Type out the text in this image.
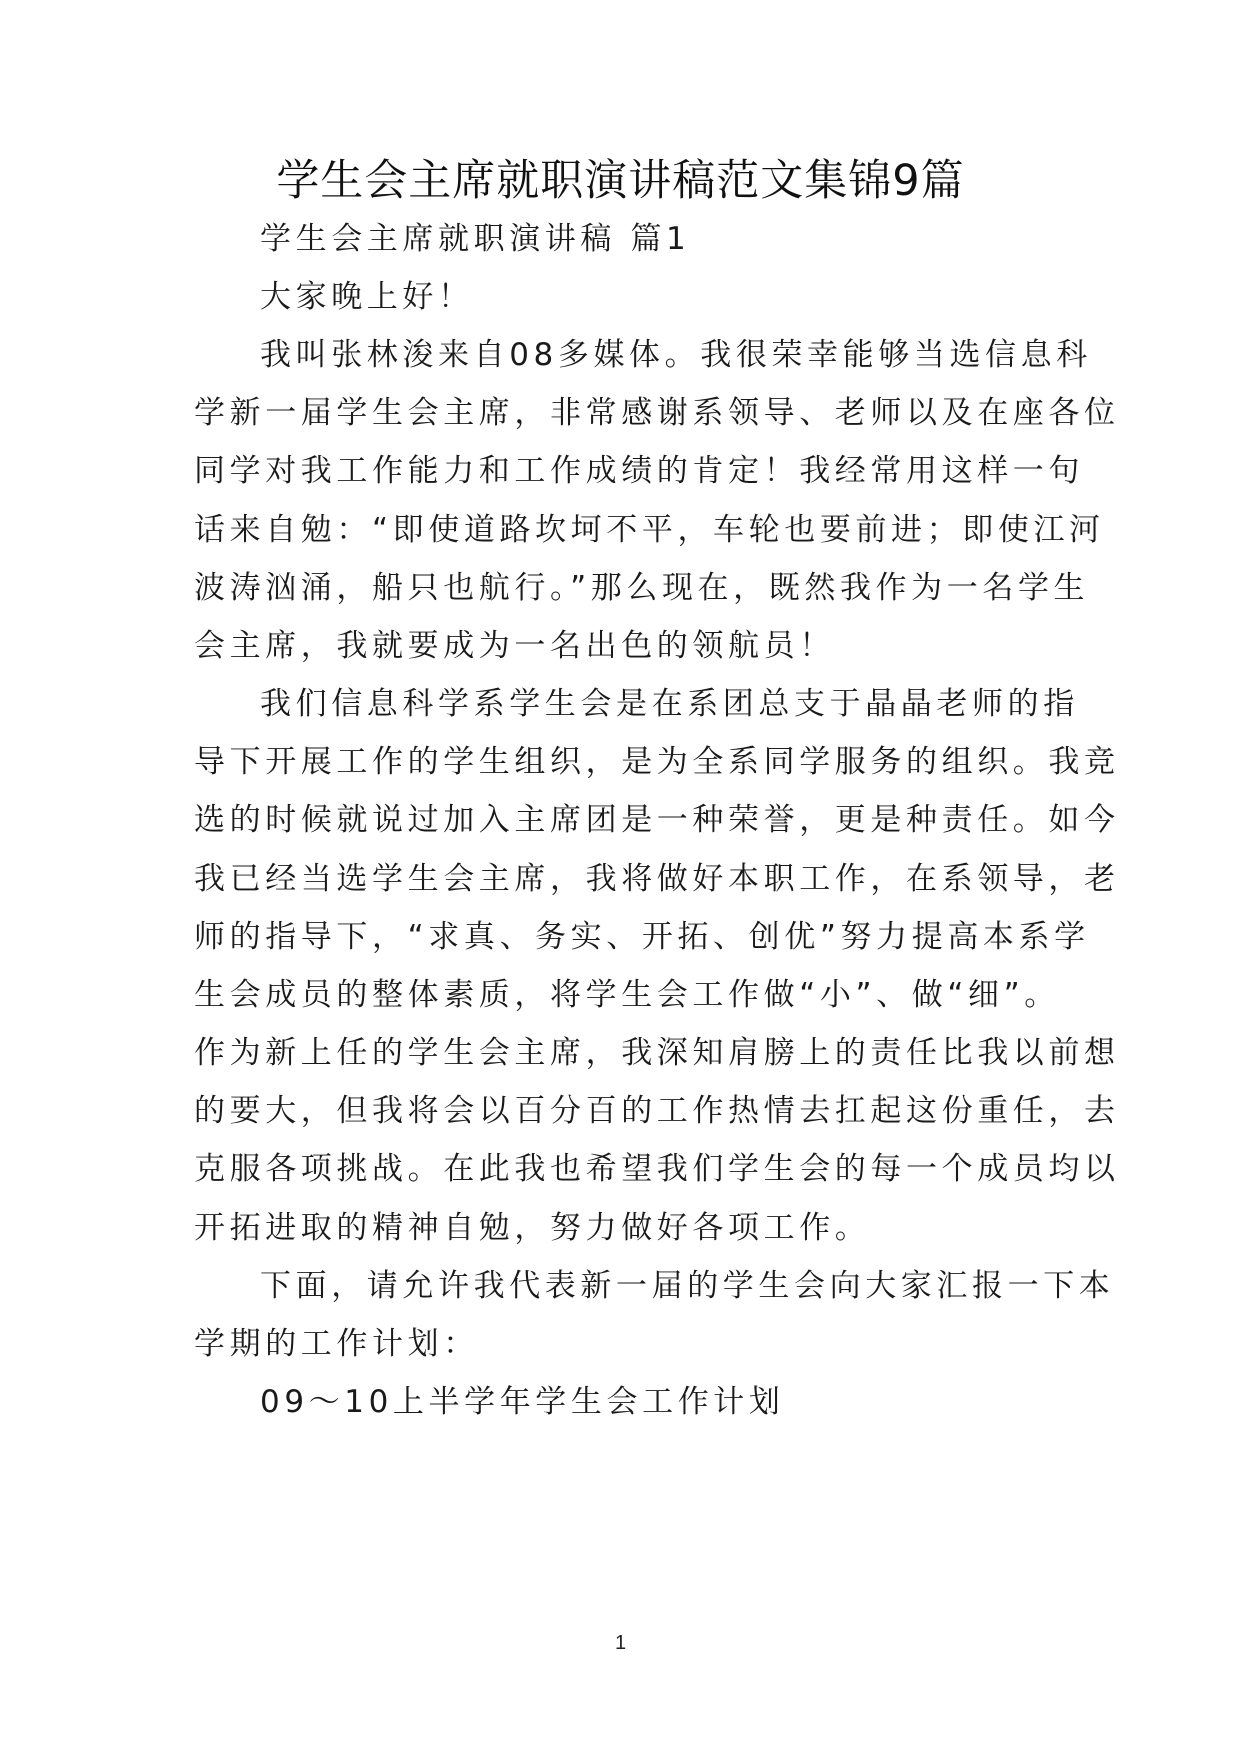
学生会主席就职演讲稿范文集锦9篇
学生会主席就职演讲稿 篇1
大家晚上好！
我叫张林浚来自08多媒体。我很荣幸能够当选信息科
学新一届学生会主席，非常感谢系领导、老师以及在座各位
同学对我工作能力和工作成绩的肯定！我经常用这样一句
话来自勉：“即使道路坎坷不平，车轮也要前进；即使江河
波涛汹涌，船只也航行。”那么现在，既然我作为一名学生
会主席，我就要成为一名出色的领航员！
我们信息科学系学生会是在系团总支于晶晶老师的指
导下开展工作的学生组织，是为全系同学服务的组织。我竞
选的时候就说过加入主席团是一种荣誉，更是种责任。如今
我已经当选学生会主席，我将做好本职工作，在系领导，老
师的指导下，“求真、务实、开拓、创优”努力提高本系学
生会成员的整体素质，将学生会工作做“小”、做“细”。
作为新上任的学生会主席，我深知肩膀上的责任比我以前想
的要大，但我将会以百分百的工作热情去扛起这份重任，去
克服各项挑战。在此我也希望我们学生会的每一个成员均以
开拓进取的精神自勉，努力做好各项工作。
下面，请允许我代表新一届的学生会向大家汇报一下本
学期的工作计划：
09～10上半学年学生会工作计划
1
